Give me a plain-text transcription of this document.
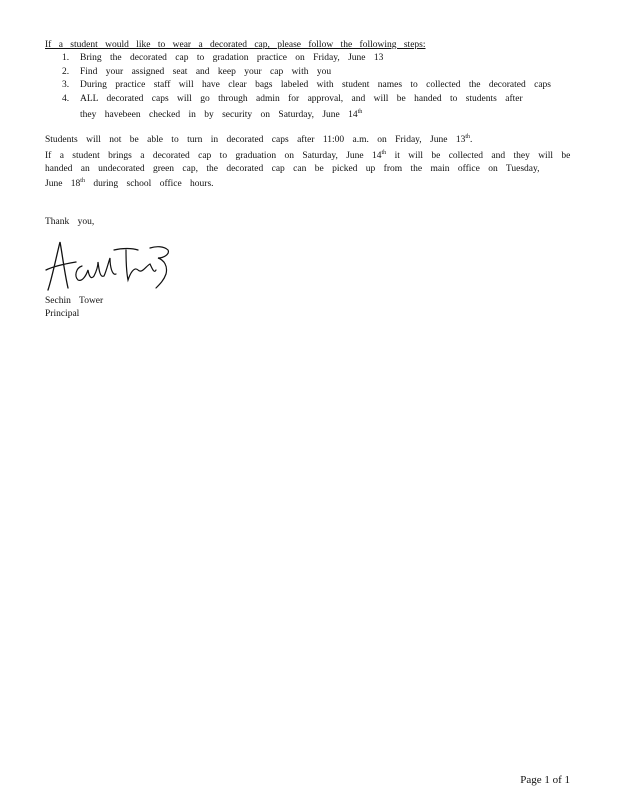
If a student would like to wear a decorated cap, please follow the following steps:
1. Bring the decorated cap to gradation practice on Friday, June 13
2. Find your assigned seat and keep your cap with you
3. During practice staff will have clear bags labeled with student names to collected the decorated caps
4. ALL decorated caps will go through admin for approval, and will be handed to students after
they havebeen checked in by security on Saturday, June 14th
Students will not be able to turn in decorated caps after 11:00 a.m. on Friday, June 13th.
If a student brings a decorated cap to graduation on Saturday, June 14th it will be collected and they will be
handed an undecorated green cap, the decorated cap can be picked up from the main office on Tuesday,
June 18th during school office hours.
Thank you,
Sechin Tower
Principal
Page 1 of 1
